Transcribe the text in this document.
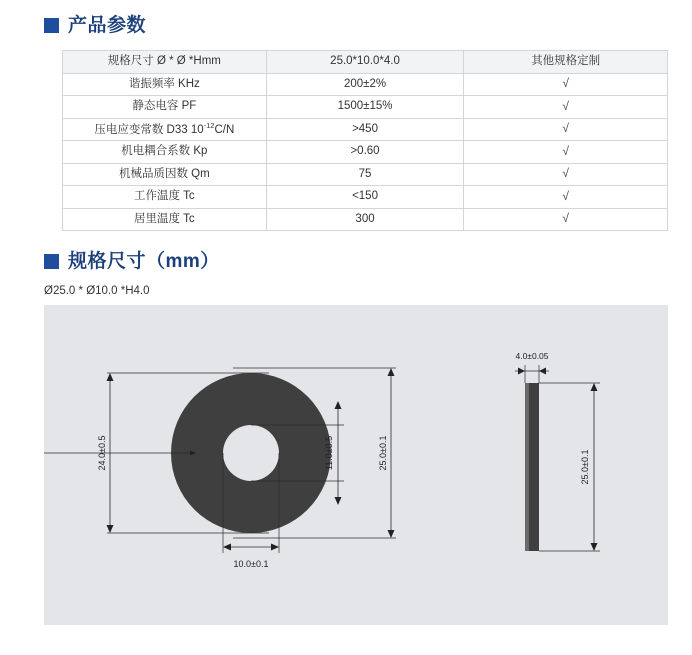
产品参数
规格尺寸 Ø * Ø *Hmm	25.0*10.0*4.0	其他规格定制
谐振频率 KHz	200±2%	√
静态电容 PF	1500±15%	√
压电应变常数 D33 $10^{-12}C/N$	>450	√
机电耦合系数 Kp	>0.60	√
机械品质因数 Qm	75	√
工作温度 Tc	<150	√
居里温度 Tc	300	√
规格尺寸（mm）
Ø25.0 * Ø10.0 *H4.0
24.0±0.5	25.0±0.1
11.0±0.5
10.0±0.1
4.0±0.05
25.0±0.1
